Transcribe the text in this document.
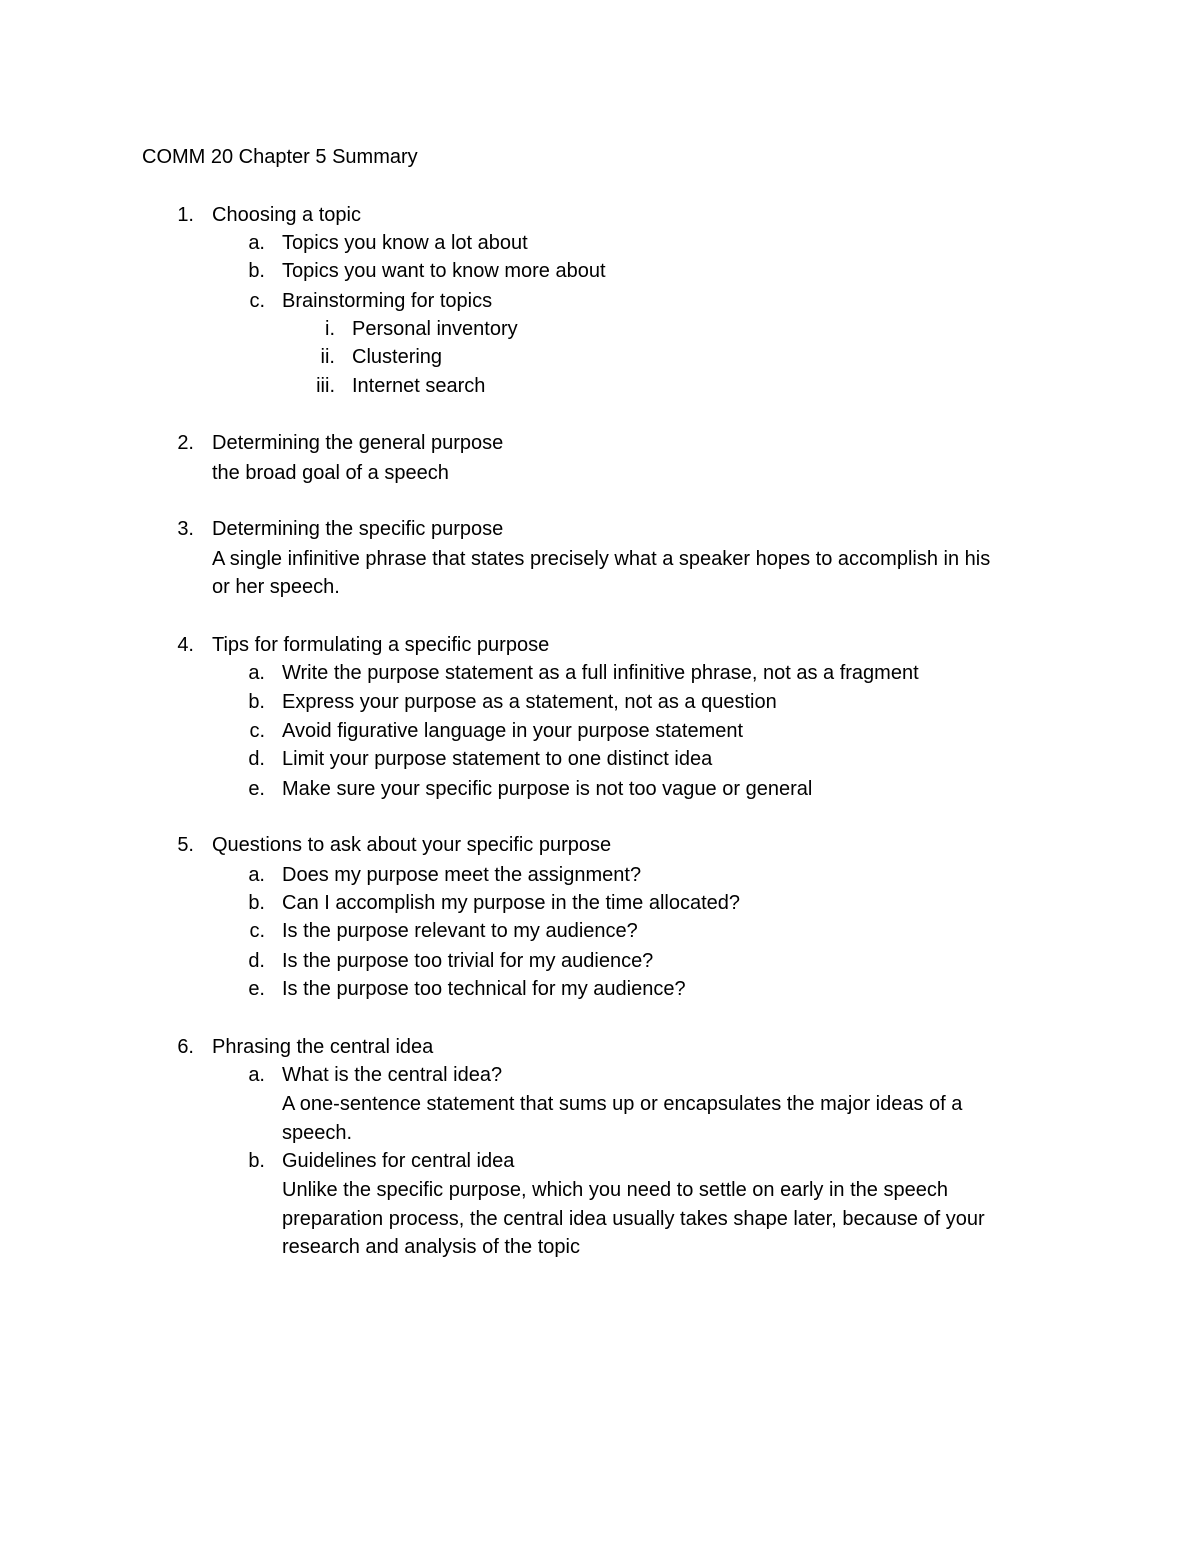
COMM 20 Chapter 5 Summary
1. Choosing a topic
a. Topics you know a lot about
b. Topics you want to know more about
c. Brainstorming for topics
i. Personal inventory
ii. Clustering
iii. Internet search
2. Determining the general purpose
the broad goal of a speech
3. Determining the specific purpose
A single infinitive phrase that states precisely what a speaker hopes to accomplish in his
or her speech.
4. Tips for formulating a specific purpose
a. Write the purpose statement as a full infinitive phrase, not as a fragment
b. Express your purpose as a statement, not as a question
c. Avoid figurative language in your purpose statement
d. Limit your purpose statement to one distinct idea
e. Make sure your specific purpose is not too vague or general
5. Questions to ask about your specific purpose
a. Does my purpose meet the assignment?
b. Can I accomplish my purpose in the time allocated?
c. Is the purpose relevant to my audience?
d. Is the purpose too trivial for my audience?
e. Is the purpose too technical for my audience?
6. Phrasing the central idea
a. What is the central idea?
A one-sentence statement that sums up or encapsulates the major ideas of a
speech.
b. Guidelines for central idea
Unlike the specific purpose, which you need to settle on early in the speech
preparation process, the central idea usually takes shape later, because of your
research and analysis of the topic
